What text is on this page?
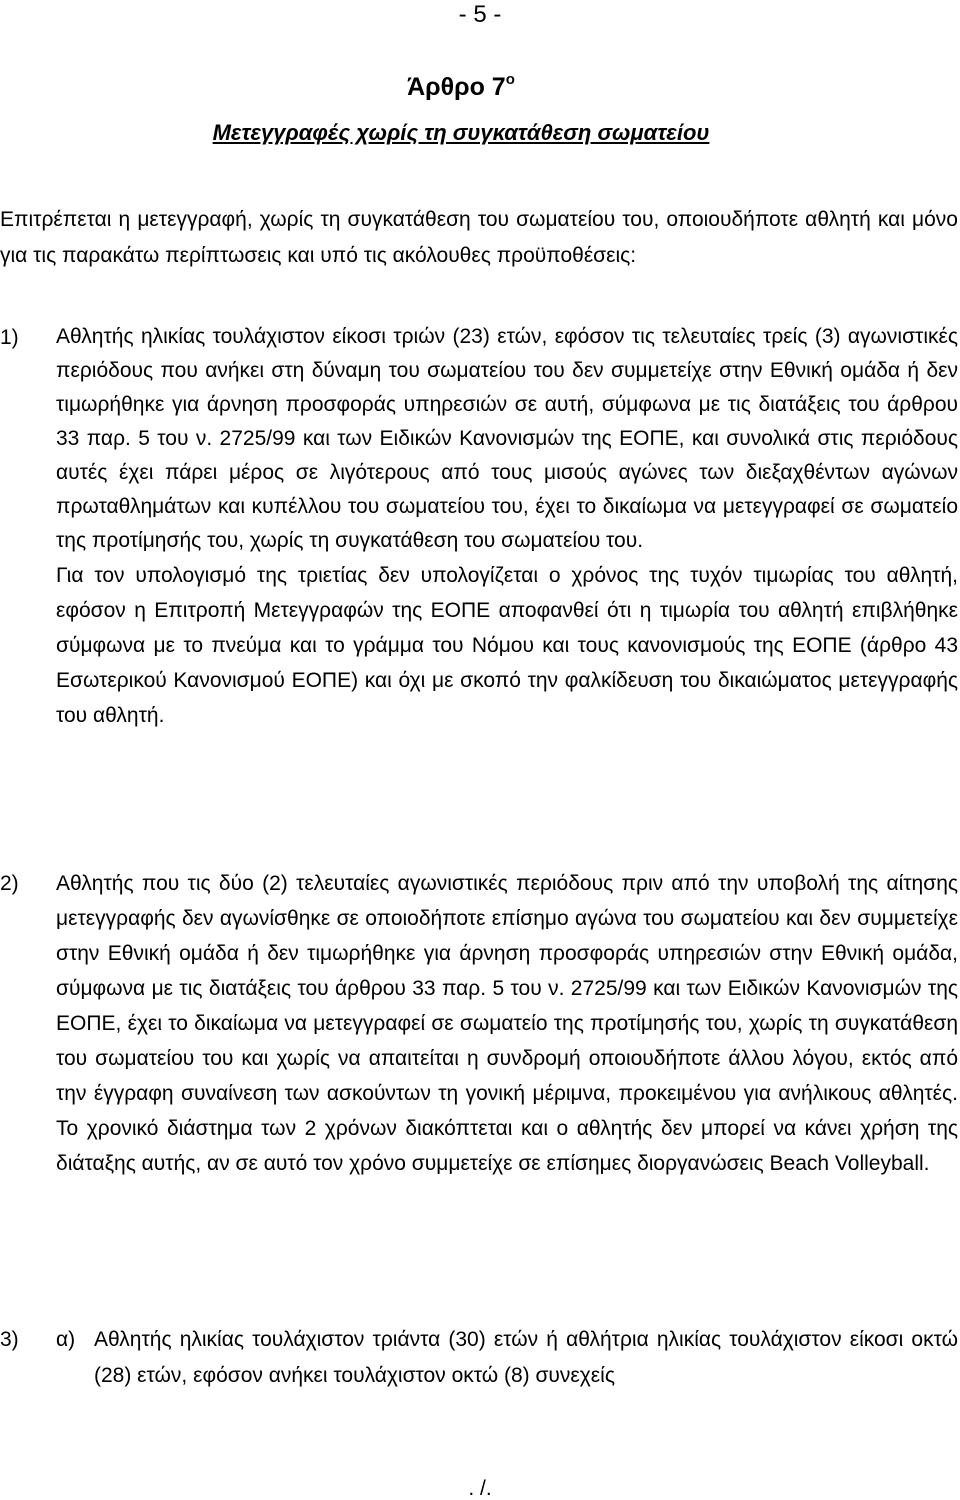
- 5 -
Άρθρο $7^o$
Μετεγγραφές χωρίς τη συγκατάθεση σωματείου
Επιτρέπεται η μετεγγραφή, χωρίς τη συγκατάθεση του σωματείου του, οποιουδήποτε αθλητή και μόνο για τις παρακάτω περίπτωσεις και υπό τις ακόλουθες προϋποθέσεις:
1) Αθλητής ηλικίας τουλάχιστον είκοσι τριών (23) ετών, εφόσον τις τελευταίες τρείς (3) αγωνιστικές περιόδους που ανήκει στη δύναμη του σωματείου του δεν συμμετείχε στην Εθνική ομάδα ή δεν τιμωρήθηκε για άρνηση προσφοράς υπηρεσιών σε αυτή, σύμφωνα με τις διατάξεις του άρθρου 33 παρ. 5 του ν. 2725/99 και των Ειδικών Κανονισμών της ΕΟΠΕ, και συνολικά στις περιόδους αυτές έχει πάρει μέρος σε λιγότερους από τους μισούς αγώνες των διεξαχθέντων αγώνων πρωταθλημάτων και κυπέλλου του σωματείου του, έχει το δικαίωμα να μετεγγραφεί σε σωματείο της προτίμησής του, χωρίς τη συγκατάθεση του σωματείου του.

Για τον υπολογισμό της τριετίας δεν υπολογίζεται ο χρόνος της τυχόν τιμωρίας του αθλητή, εφόσον η Επιτροπή Μετεγγραφών της ΕΟΠΕ αποφανθεί ότι η τιμωρία του αθλητή επιβλήθηκε σύμφωνα με το πνεύμα και το γράμμα του Νόμου και τους κανονισμούς της ΕΟΠΕ (άρθρο 43 Εσωτερικού Κανονισμού ΕΟΠΕ) και όχι με σκοπό την φαλκίδευση του δικαιώματος μετεγγραφής του αθλητή.

2) Αθλητής που τις δύο (2) τελευταίες αγωνιστικές περιόδους πριν από την υποβολή της αίτησης μετεγγραφής δεν αγωνίσθηκε σε οποιοδήποτε επίσημο αγώνα του σωματείου και δεν συμμετείχε στην Εθνική ομάδα ή δεν τιμωρήθηκε για άρνηση προσφοράς υπηρεσιών στην Εθνική ομάδα, σύμφωνα με τις διατάξεις του άρθρου 33 παρ. 5 του ν. 2725/99 και των Ειδικών Κανονισμών της ΕΟΠΕ, έχει το δικαίωμα να μετεγγραφεί σε σωματείο της προτίμησής του, χωρίς τη συγκατάθεση του σωματείου του και χωρίς να απαιτείται η συνδρομή οποιουδήποτε άλλου λόγου, εκτός από την έγγραφη συναίνεση των ασκούντων τη γονική μέριμνα, προκειμένου για ανήλικους αθλητές. Το χρονικό διάστημα των 2 χρόνων διακόπτεται και ο αθλητής δεν μπορεί να κάνει χρήση της διάταξης αυτής, αν σε αυτό τον χρόνο συμμετείχε σε επίσημες διοργανώσεις Beach Volleyball.

3) α) Αθλητής ηλικίας τουλάχιστον τριάντα (30) ετών ή αθλήτρια ηλικίας τουλάχιστον είκοσι οκτώ (28) ετών, εφόσον ανήκει τουλάχιστον οκτώ (8) συνεχείς

. /.
